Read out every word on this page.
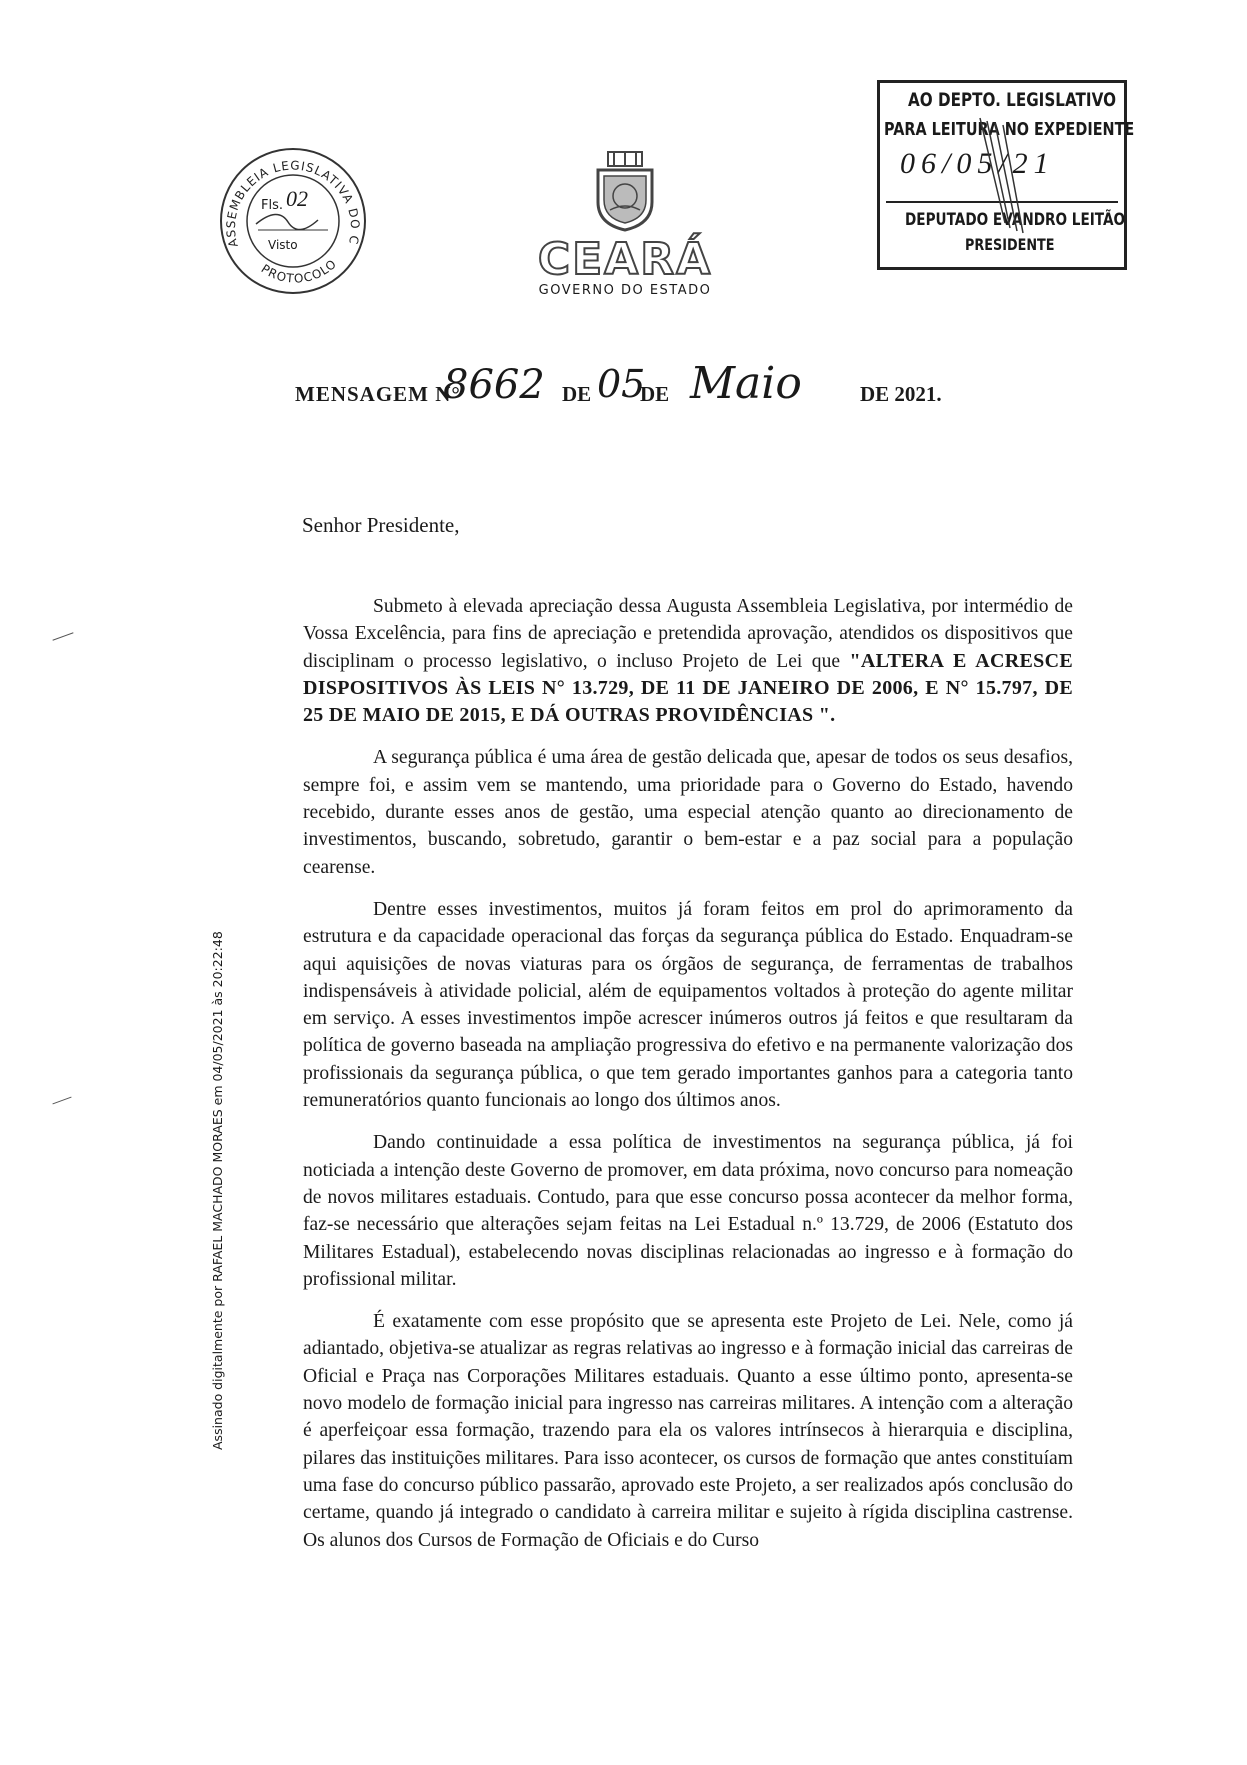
ASSEMBLEIA LEGISLATIVA DO C
PROTOCOLO
Fls. 02
Visto	CEARÁ
GOVERNO DO ESTADO
AO DEPTO. LEGISLATIVO
PARA LEITURA NO EXPEDIENTE
06/05/21
DEPUTADO EVANDRO LEITÃO
PRESIDENTE
MENSAGEM N°
8662 DE 05
DE Maio	DE 2021.
Senhor Presidente,

Submeto à elevada apreciação dessa Augusta Assembleia Legislativa, por intermédio de Vossa Excelência, para fins de apreciação e pretendida aprovação, atendidos os dispositivos que disciplinam o processo legislativo, o incluso Projeto de Lei que "ALTERA E ACRESCE DISPOSITIVOS ÀS LEIS N° 13.729, DE 11 DE JANEIRO DE 2006, E N° 15.797, DE 25 DE MAIO DE 2015, E DÁ OUTRAS PROVIDÊNCIAS ".

A segurança pública é uma área de gestão delicada que, apesar de todos os seus desafios, sempre foi, e assim vem se mantendo, uma prioridade para o Governo do Estado, havendo recebido, durante esses anos de gestão, uma especial atenção quanto ao direcionamento de investimentos, buscando, sobretudo, garantir o bem-estar e a paz social para a população cearense.

Dentre esses investimentos, muitos já foram feitos em prol do aprimoramento da estrutura e da capacidade operacional das forças da segurança pública do Estado. Enquadram-se aqui aquisições de novas viaturas para os órgãos de segurança, de ferramentas de trabalhos indispensáveis à atividade policial, além de equipamentos voltados à proteção do agente militar em serviço. A esses investimentos impõe acrescer inúmeros outros já feitos e que resultaram da política de governo baseada na ampliação progressiva do efetivo e na permanente valorização dos profissionais da segurança pública, o que tem gerado importantes ganhos para a categoria tanto remuneratórios quanto funcionais ao longo dos últimos anos.

Dando continuidade a essa política de investimentos na segurança pública, já foi noticiada a intenção deste Governo de promover, em data próxima, novo concurso para nomeação de novos militares estaduais. Contudo, para que esse concurso possa acontecer da melhor forma, faz-se necessário que alterações sejam feitas na Lei Estadual n.º 13.729, de 2006 (Estatuto dos Militares Estadual), estabelecendo novas disciplinas relacionadas ao ingresso e à formação do profissional militar.

É exatamente com esse propósito que se apresenta este Projeto de Lei. Nele, como já adiantado, objetiva-se atualizar as regras relativas ao ingresso e à formação inicial das carreiras de Oficial e Praça nas Corporações Militares estaduais. Quanto a esse último ponto, apresenta-se novo modelo de formação inicial para ingresso nas carreiras militares. A intenção com a alteração é aperfeiçoar essa formação, trazendo para ela os valores intrínsecos à hierarquia e disciplina, pilares das instituições militares. Para isso acontecer, os cursos de formação que antes constituíam uma fase do concurso público passarão, aprovado este Projeto, a ser realizados após conclusão do certame, quando já integrado o candidato à carreira militar e sujeito à rígida disciplina castrense. Os alunos dos Cursos de Formação de Oficiais e do Curso

Assinado digitalmente por RAFAEL MACHADO MORAES em 04/05/2021 às 20:22:48
